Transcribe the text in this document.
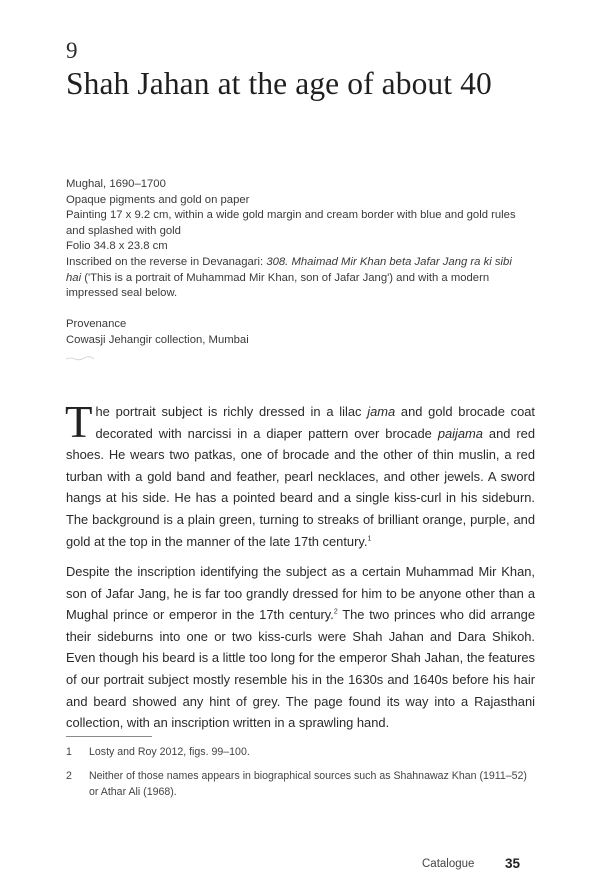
9
Shah Jahan at the age of about 40
Mughal, 1690–1700
Opaque pigments and gold on paper
Painting 17 x 9.2 cm, within a wide gold margin and cream border with blue and gold rules
and splashed with gold
Folio 34.8 x 23.8 cm
Inscribed on the reverse in Devanagari: 308. Mhaimad Mir Khan beta Jafar Jang ra ki sibi
hai ('This is a portrait of Muhammad Mir Khan, son of Jafar Jang') and with a modern
impressed seal below.
Provenance
Cowasji Jehangir collection, Mumbai
The portrait subject is richly dressed in a lilac jama and gold brocade coat decorated with narcissi in a diaper pattern over brocade paijama and red shoes. He wears two patkas, one of brocade and the other of thin muslin, a red turban with a gold band and feather, pearl necklaces, and other jewels. A sword hangs at his side. He has a pointed beard and a single kiss-curl in his sideburn. The background is a plain green, turning to streaks of brilliant orange, purple, and gold at the top in the manner of the late 17th century.$^1$
Despite the inscription identifying the subject as a certain Muhammad Mir Khan, son of Jafar Jang, he is far too grandly dressed for him to be anyone other than a Mughal prince or emperor in the 17th century.$^2$ The two princes who did arrange their sideburns into one or two kiss-curls were Shah Jahan and Dara Shikoh. Even though his beard is a little too long for the emperor Shah Jahan, the features of our portrait subject mostly resemble his in the 1630s and 1640s before his hair and beard showed any hint of grey. The page found its way into a Rajasthani collection, with an inscription written in a sprawling hand.
1 Losty and Roy 2012, figs. 99–100.
2 Neither of those names appears in biographical sources such as Shahnawaz Khan (1911–52) or Athar Ali (1968).
Catalogue 35
